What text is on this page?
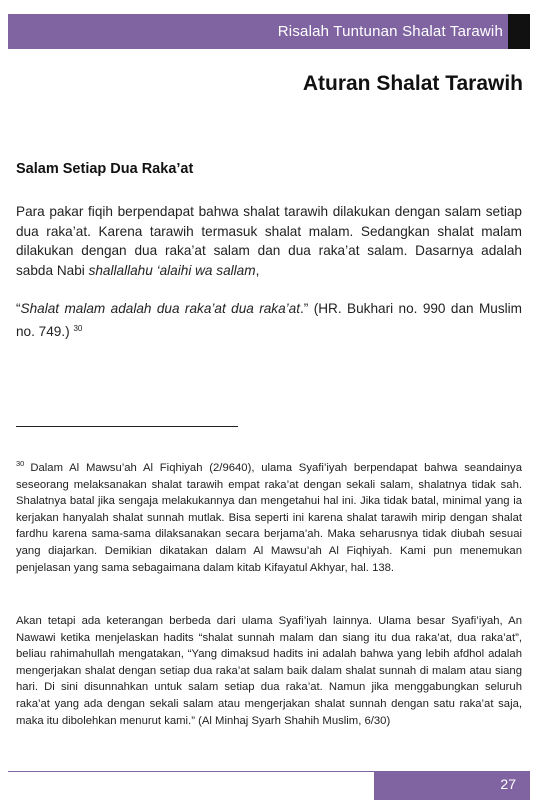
Risalah Tuntunan Shalat Tarawih
Aturan Shalat Tarawih
Salam Setiap Dua Raka’at
Para pakar fiqih berpendapat bahwa shalat tarawih dilakukan dengan salam setiap dua raka’at. Karena tarawih termasuk shalat malam. Sedangkan shalat malam dilakukan dengan dua raka’at salam dan dua raka’at salam. Dasarnya adalah sabda Nabi shallallahu ‘alaihi wa sallam,
“Shalat malam adalah dua raka’at dua raka’at.” (HR. Bukhari no. 990 dan Muslim no. 749.) $^{30}$
$^{30}$ Dalam Al Mawsu’ah Al Fiqhiyah (2/9640), ulama Syafi’iyah berpendapat bahwa seandainya seseorang melaksanakan shalat tarawih empat raka’at dengan sekali salam, shalatnya tidak sah. Shalatnya batal jika sengaja melakukannya dan mengetahui hal ini. Jika tidak batal, minimal yang ia kerjakan hanyalah shalat sunnah mutlak. Bisa seperti ini karena shalat tarawih mirip dengan shalat fardhu karena sama-sama dilaksanakan secara berjama’ah. Maka seharusnya tidak diubah sesuai yang diajarkan. Demikian dikatakan dalam Al Mawsu’ah Al Fiqhiyah. Kami pun menemukan penjelasan yang sama sebagaimana dalam kitab Kifayatul Akhyar, hal. 138.
Akan tetapi ada keterangan berbeda dari ulama Syafi’iyah lainnya. Ulama besar Syafi’iyah, An Nawawi ketika menjelaskan hadits “shalat sunnah malam dan siang itu dua raka’at, dua raka’at”, beliau rahimahullah mengatakan, “Yang dimaksud hadits ini adalah bahwa yang lebih afdhol adalah mengerjakan shalat dengan setiap dua raka’at salam baik dalam shalat sunnah di malam atau siang hari. Di sini disunnahkan untuk salam setiap dua raka’at. Namun jika menggabungkan seluruh raka’at yang ada dengan sekali salam atau mengerjakan shalat sunnah dengan satu raka’at saja, maka itu dibolehkan menurut kami.” (Al Minhaj Syarh Shahih Muslim, 6/30)
27
